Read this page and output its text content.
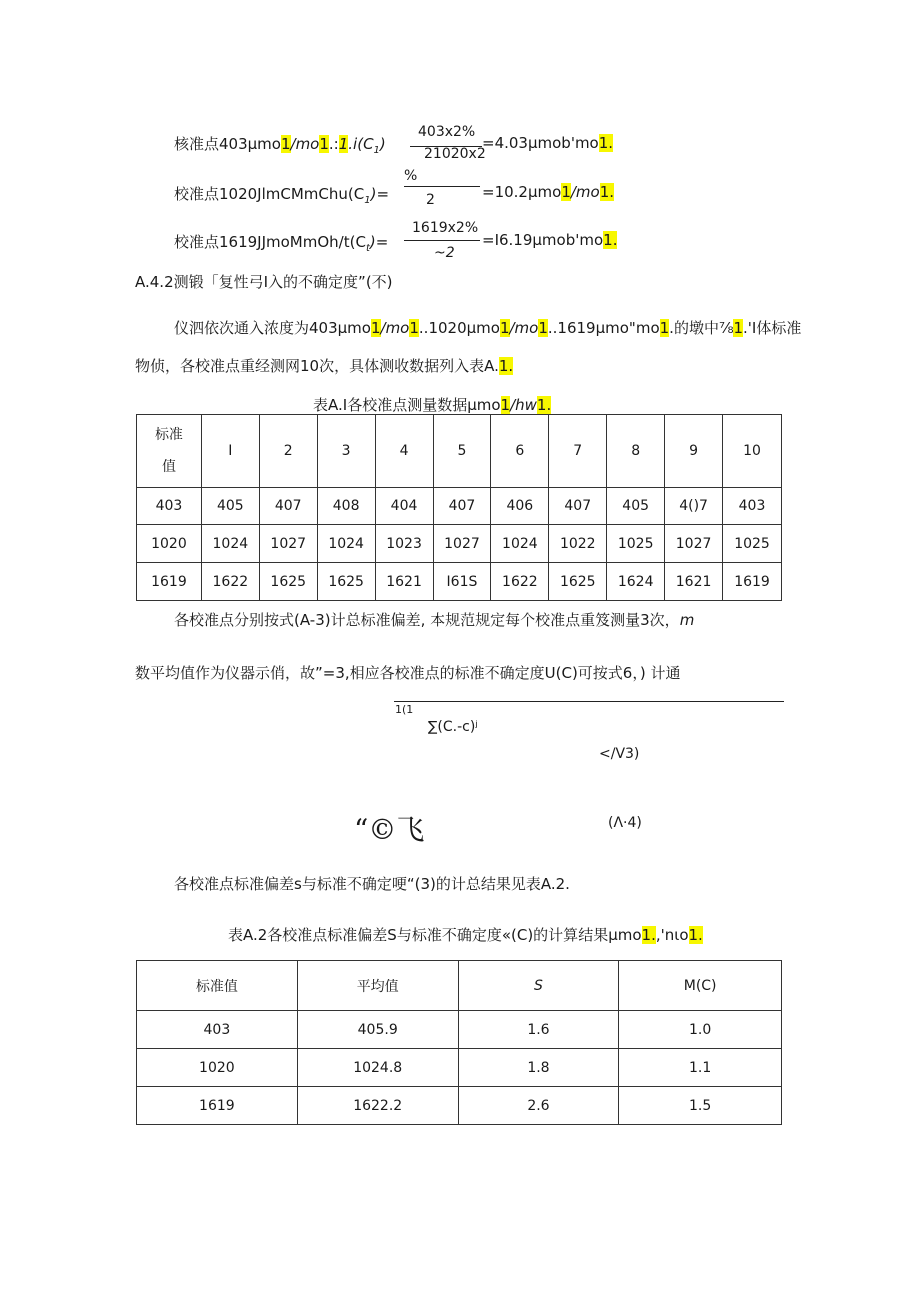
核准点$403\mu mo1/mo1.:1.i(C_1)$
403x2%
21020x2
=4.03μmob'mo1.
校准点$1020JlmCMmChu(C_1)=$
%
2	=10.2μmo1/mo1.
校准点$1619JJmoMmOh/t(C_t)=$
1619x2%
~2
=I6.19μmob'mo1.
A.4.2测锻「复性弓I入的不确定度”(不)
仪泗依次通入浓度为403μmo1/mo1..1020μmo1/mo1..1619μmo"mo1.的墩中⅞1.'I体标准
物侦，各校准点重经测网10次，具体测收数据列入表A.1.
表A.I各校准点测量数据μmo1/hw1.
标准
值	I	2	3	4	5	6	7	8	9	10
403	405	407	408	404	407	406	407	405	4()7	403
1020	1024	1027	1024	1023	1027	1024	1022	1025	1027	1025
1619	1622	1625	1625	1621	I61S	1622	1625	1624	1621	1619
各校准点分别按式(A-3)计总标准偏差, 本规范规定每个校准点重笈测量3次，m
数平均值作为仪器示俏，故”=3,相应各校准点的标准不确定度U(C)可按式6，) 计通
1(1
∑(C.-c)ʲ
</V3)
“©飞	(Λ·4)
各校准点标准偏差s与标准不确定哽“(3)的计总结果见表A.2.
表A.2各校准点标准偏差S与标准不确定度«(C)的计算结果μmo1.,'nιo1.
标准值	平均值	S	M(C)
403	405.9	1.6	1.0
1020	1024.8	1.8	1.1
1619	1622.2	2.6	1.5
